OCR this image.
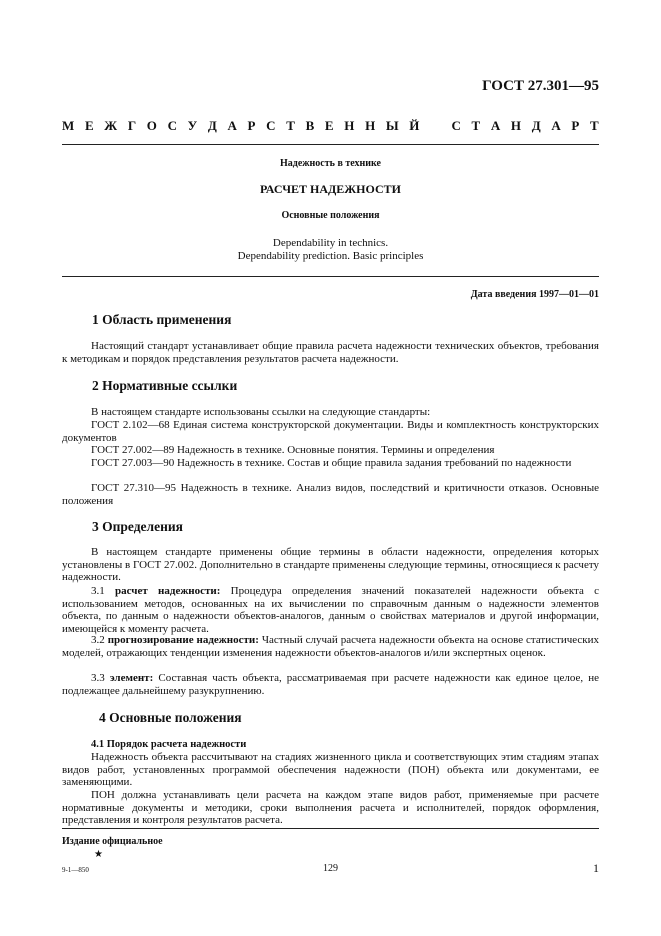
ГОСТ 27.301—95
М Е Ж Г О С У Д А Р С Т В Е Н Н Ы Й С Т А Н Д А Р Т
Надежность в технике
РАСЧЕТ НАДЕЖНОСТИ
Основные положения
Dependability in technics.
Dependability prediction. Basic principles
Дата введения 1997—01—01
1 Область применения
Настоящий стандарт устанавливает общие правила расчета надежности технических объектов, требования к методикам и порядок представления результатов расчета надежности.
2 Нормативные ссылки
В настоящем стандарте использованы ссылки на следующие стандарты:
ГОСТ 2.102—68 Единая система конструкторской документации. Виды и комплектность конструкторских документов
ГОСТ 27.002—89 Надежность в технике. Основные понятия. Термины и определения
ГОСТ 27.003—90 Надежность в технике. Состав и общие правила задания требований по надежности
ГОСТ 27.310—95 Надежность в технике. Анализ видов, последствий и критичности отказов. Основные положения
3 Определения
В настоящем стандарте применены общие термины в области надежности, определения которых установлены в ГОСТ 27.002. Дополнительно в стандарте применены следующие термины, относящиеся к расчету надежности.
3.1 расчет надежности: Процедура определения значений показателей надежности объекта с использованием методов, основанных на их вычислении по справочным данным о надежности элементов объекта, по данным о надежности объектов-аналогов, данным о свойствах материалов и другой информации, имеющейся к моменту расчета.
3.2 прогнозирование надежности: Частный случай расчета надежности объекта на основе статистических моделей, отражающих тенденции изменения надежности объектов-аналогов и/или экспертных оценок.
3.3 элемент: Составная часть объекта, рассматриваемая при расчете надежности как единое целое, не подлежащее дальнейшему разукрупнению.
4 Основные положения
4.1 Порядок расчета надежности
Надежность объекта рассчитывают на стадиях жизненного цикла и соответствующих этим стадиям этапах видов работ, установленных программой обеспечения надежности (ПОН) объекта или документами, ее заменяющими.
ПОН должна устанавливать цели расчета на каждом этапе видов работ, применяемые при расчете нормативные документы и методики, сроки выполнения расчета и исполнителей, порядок оформления, представления и контроля результатов расчета.
Издание официальное
★
9-1—850	129	1
